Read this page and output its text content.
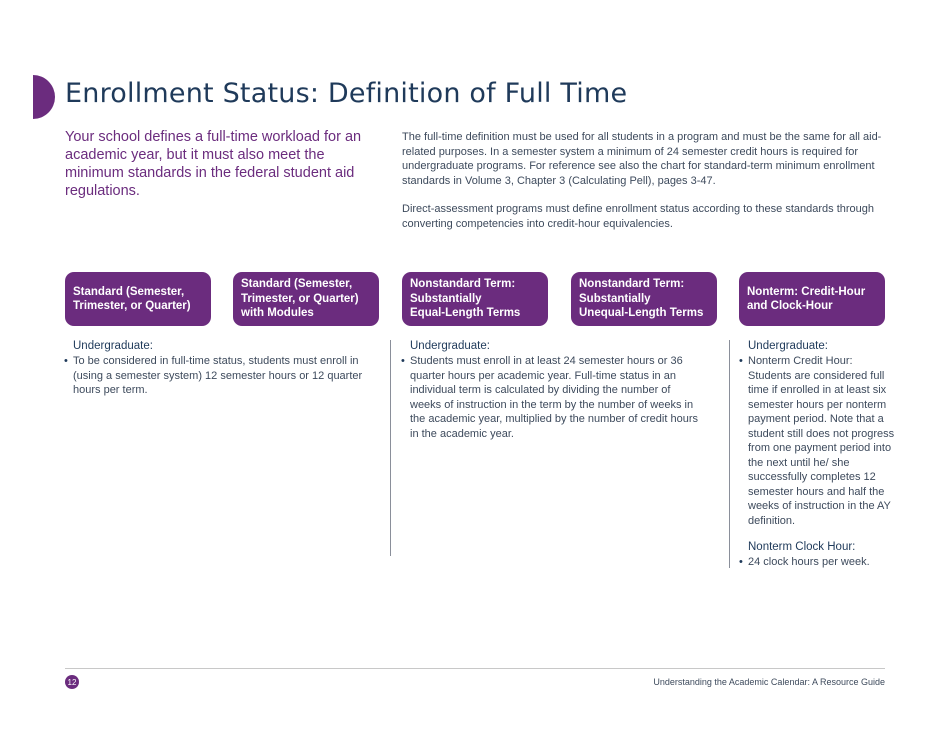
Enrollment Status: Definition of Full Time

Your school defines a full-time workload for an academic year, but it must also meet the minimum standards in the federal student aid regulations.

The full-time definition must be used for all students in a program and must be the same for all aid-related purposes. In a semester system a minimum of 24 semester credit hours is required for undergraduate programs. For reference see also the chart for standard-term minimum enrollment standards in Volume 3, Chapter 3 (Calculating Pell), pages 3-47.

Direct-assessment programs must define enrollment status according to these standards through converting competencies into credit-hour equivalencies.

Standard (Semester,
Trimester, or Quarter)
Standard (Semester,
Trimester, or Quarter)
with Modules
Nonstandard Term:
Substantially
Equal-Length Terms
Nonstandard Term:
Substantially
Unequal-Length Terms
Nonterm: Credit-Hour
and Clock-Hour

Undergraduate:

• To be considered in full-time status, students must enroll in (using a semester system) 12 semester hours or 12 quarter hours per term.

Undergraduate:

• Students must enroll in at least 24 semester hours or 36 quarter hours per academic year. Full-time status in an individual term is calculated by dividing the number of weeks of instruction in the term by the number of weeks in the academic year, multiplied by the number of credit hours in the academic year.

Undergraduate:

• Nonterm Credit Hour: Students are considered full time if enrolled in at least six semester hours per nonterm payment period. Note that a student still does not progress from one payment period into the next until he/ she successfully completes 12 semester hours and half the weeks of instruction in the AY definition.

Nonterm Clock Hour:

• 24 clock hours per week.

12	Understanding the Academic Calendar: A Resource Guide
